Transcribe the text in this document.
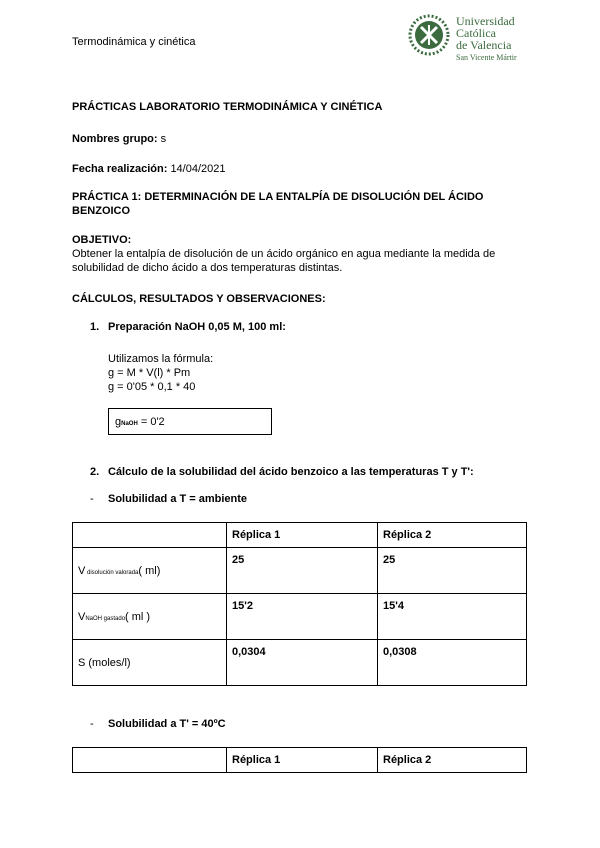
Termodinámica y cinética
Universidad
Católica
de Valencia
San Vicente Mártir
PRÁCTICAS LABORATORIO TERMODINÁMICA Y CINÉTICA
Nombres grupo: s
Fecha realización: 14/04/2021
PRÁCTICA 1: DETERMINACIÓN DE LA ENTALPÍA DE DISOLUCIÓN DEL ÁCIDO
BENZOICO
OBJETIVO:
Obtener la entalpía de disolución de un ácido orgánico en agua mediante la medida de
solubilidad de dicho ácido a dos temperaturas distintas.
CÁLCULOS, RESULTADOS Y OBSERVACIONES:
1. Preparación NaOH 0,05 M, 100 ml:
Utilizamos la fórmula:
g = M * V(l) * Pm
g = 0'05 * 0,1 * 40
gNaOH = 0'2
2. Cálculo de la solubilidad del ácido benzoico a las temperaturas T y T':
- Solubilidad a T = ambiente
	Réplica 1	Réplica 2
V disolución valorada( ml)	25	25
VNaOH gastado( ml )	15'2	15'4
S (moles/l)	0,0304	0,0308
- Solubilidad a T' = 40ºC
	Réplica 1	Réplica 2
